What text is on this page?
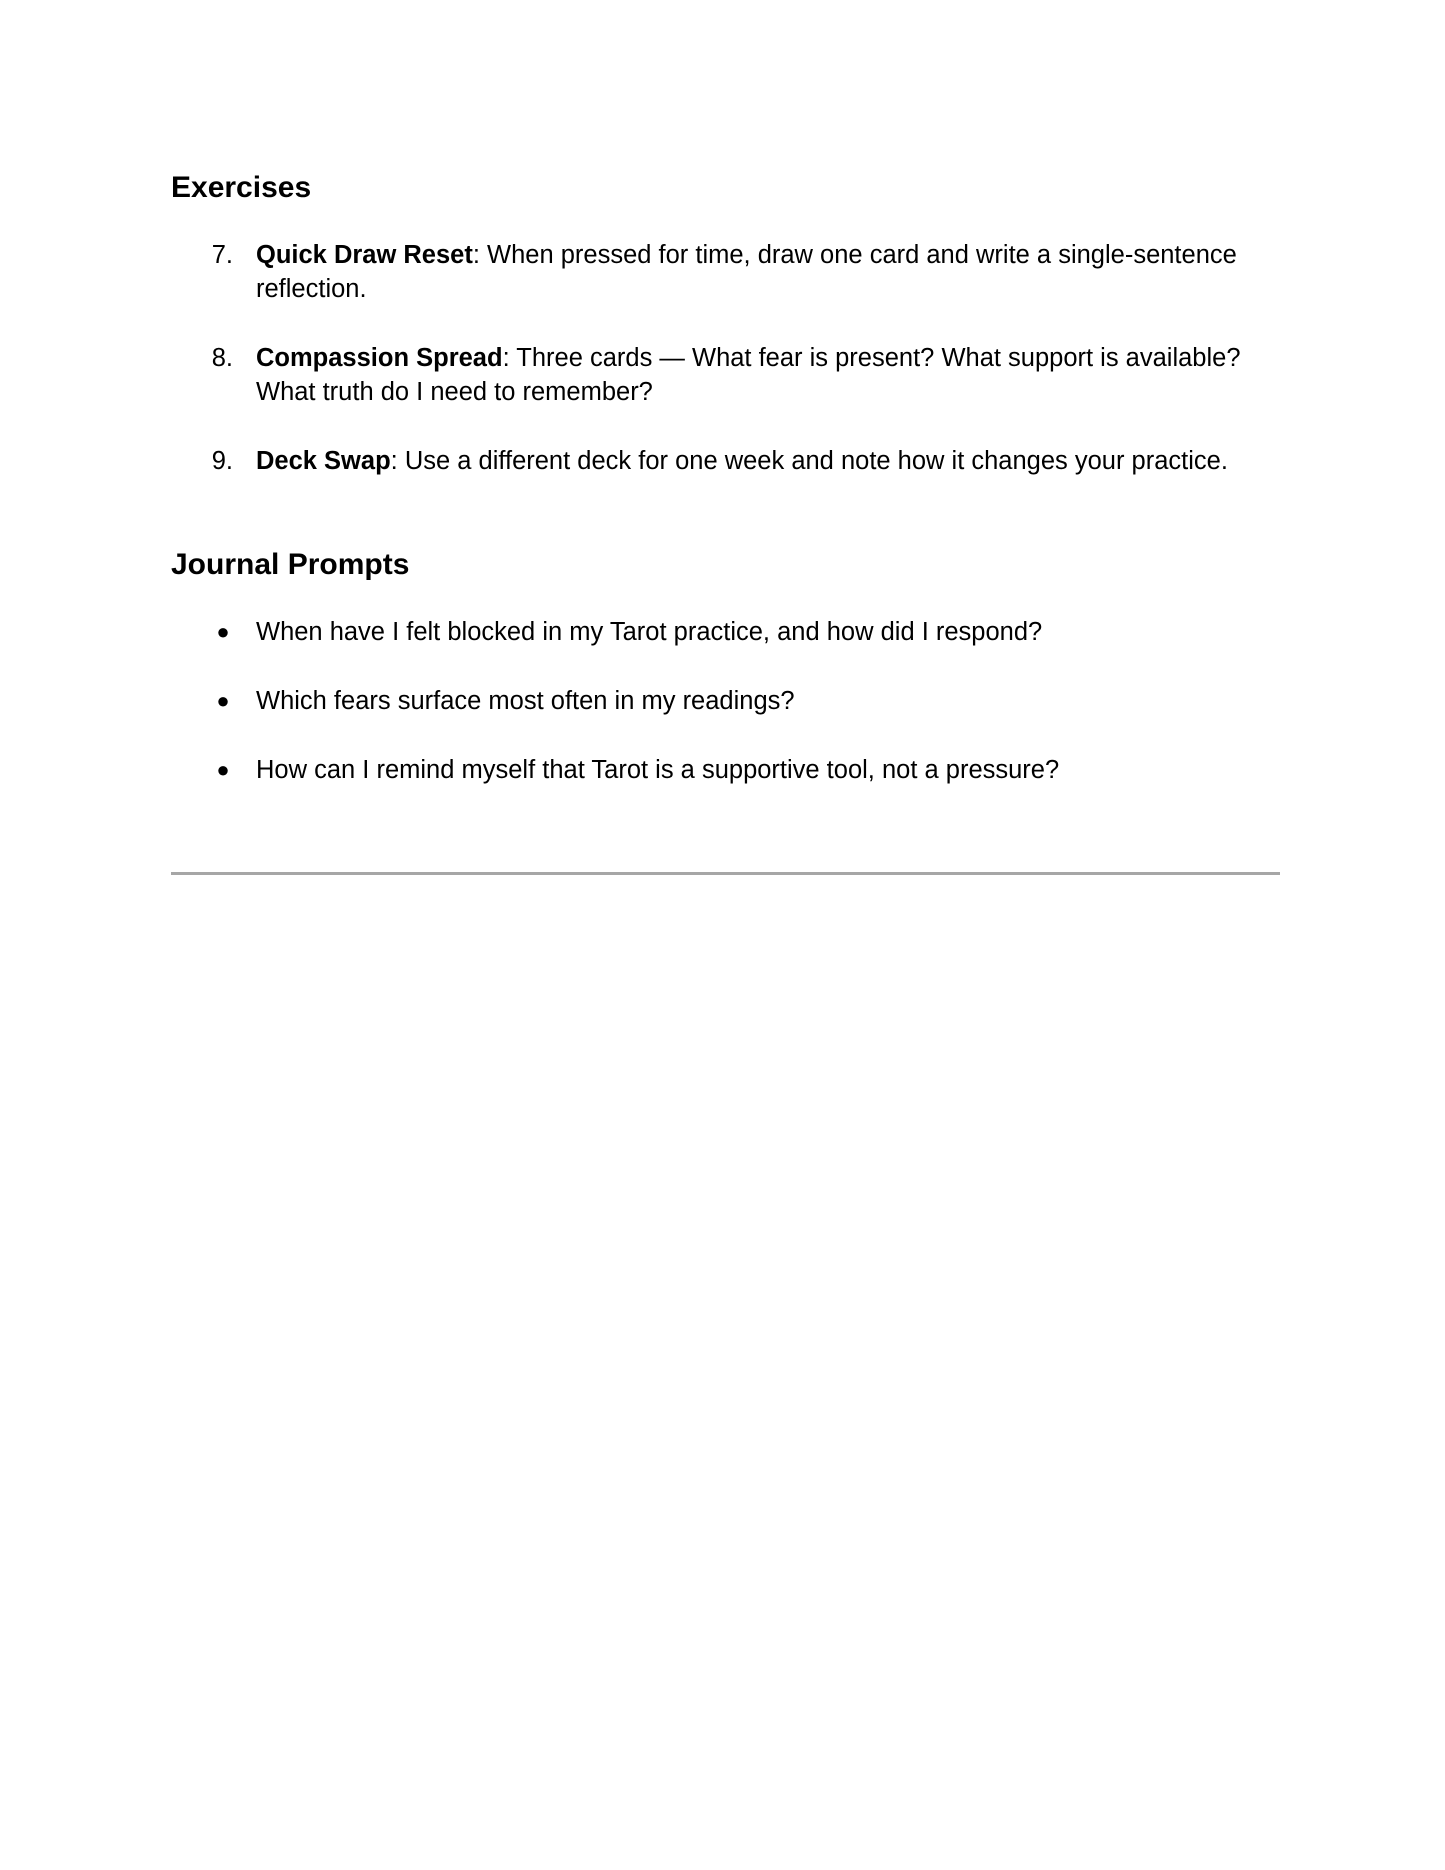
Exercises
7. Quick Draw Reset: When pressed for time, draw one card and write a single-sentence reflection.
8. Compassion Spread: Three cards — What fear is present? What support is available? What truth do I need to remember?
9. Deck Swap: Use a different deck for one week and note how it changes your practice.
Journal Prompts
● When have I felt blocked in my Tarot practice, and how did I respond?
● Which fears surface most often in my readings?
● How can I remind myself that Tarot is a supportive tool, not a pressure?
